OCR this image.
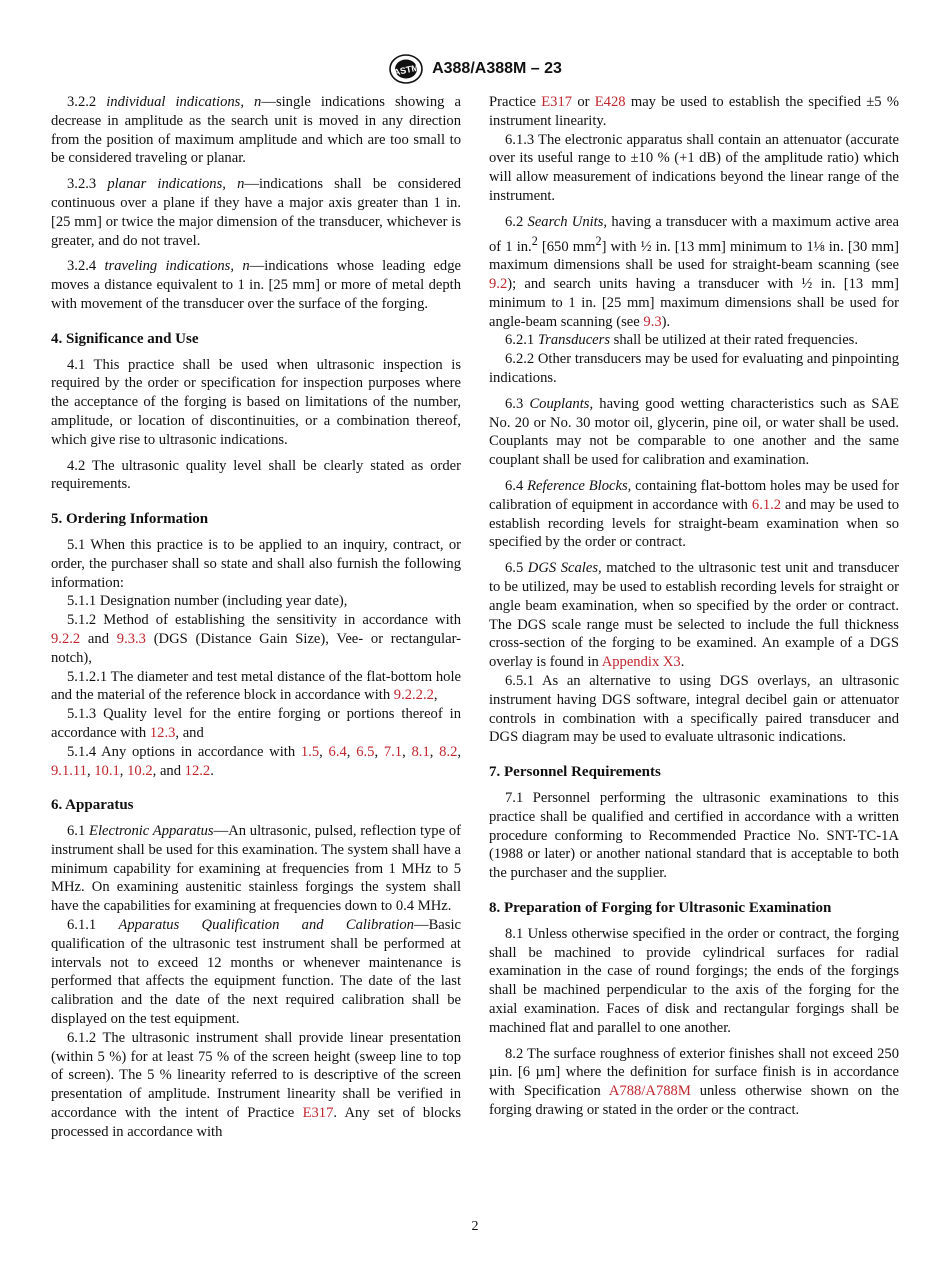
ASTM A388/A388M – 23

3.2.2 individual indications, n—single indications showing a decrease in amplitude as the search unit is moved in any direction from the position of maximum amplitude and which are too small to be considered traveling or planar.

3.2.3 planar indications, n—indications shall be considered continuous over a plane if they have a major axis greater than 1 in. [25 mm] or twice the major dimension of the transducer, whichever is greater, and do not travel.

3.2.4 traveling indications, n—indications whose leading edge moves a distance equivalent to 1 in. [25 mm] or more of metal depth with movement of the transducer over the surface of the forging.

4. Significance and Use

4.1 This practice shall be used when ultrasonic inspection is required by the order or specification for inspection purposes where the acceptance of the forging is based on limitations of the number, amplitude, or location of discontinuities, or a combination thereof, which give rise to ultrasonic indications.

4.2 The ultrasonic quality level shall be clearly stated as order requirements.

5. Ordering Information

5.1 When this practice is to be applied to an inquiry, contract, or order, the purchaser shall so state and shall also furnish the following information:

5.1.1 Designation number (including year date),

5.1.2 Method of establishing the sensitivity in accordance with 9.2.2 and 9.3.3 (DGS (Distance Gain Size), Vee- or rectangular-notch),

5.1.2.1 The diameter and test metal distance of the flat-bottom hole and the material of the reference block in accordance with 9.2.2.2,

5.1.3 Quality level for the entire forging or portions thereof in accordance with 12.3, and

5.1.4 Any options in accordance with 1.5, 6.4, 6.5, 7.1, 8.1, 8.2, 9.1.11, 10.1, 10.2, and 12.2.

6. Apparatus

6.1 Electronic Apparatus—An ultrasonic, pulsed, reflection type of instrument shall be used for this examination. The system shall have a minimum capability for examining at frequencies from 1 MHz to 5 MHz. On examining austenitic stainless forgings the system shall have the capabilities for examining at frequencies down to 0.4 MHz.

6.1.1 Apparatus Qualification and Calibration—Basic qualification of the ultrasonic test instrument shall be performed at intervals not to exceed 12 months or whenever maintenance is performed that affects the equipment function. The date of the last calibration and the date of the next required calibration shall be displayed on the test equipment.

6.1.2 The ultrasonic instrument shall provide linear presentation (within 5 %) for at least 75 % of the screen height (sweep line to top of screen). The 5 % linearity referred to is descriptive of the screen presentation of amplitude. Instrument linearity shall be verified in accordance with the intent of Practice E317. Any set of blocks processed in accordance with

Practice E317 or E428 may be used to establish the specified ±5 % instrument linearity.

6.1.3 The electronic apparatus shall contain an attenuator (accurate over its useful range to ±10 % (+1 dB) of the amplitude ratio) which will allow measurement of indications beyond the linear range of the instrument.

6.2 Search Units, having a transducer with a maximum active area of 1 in.$^2$ [650 $mm^2$] with ½ in. [13 mm] minimum to 1⅛ in. [30 mm] maximum dimensions shall be used for straight-beam scanning (see 9.2); and search units having a transducer with ½ in. [13 mm] minimum to 1 in. [25 mm] maximum dimensions shall be used for angle-beam scanning (see 9.3).

6.2.1 Transducers shall be utilized at their rated frequencies.

6.2.2 Other transducers may be used for evaluating and pinpointing indications.

6.3 Couplants, having good wetting characteristics such as SAE No. 20 or No. 30 motor oil, glycerin, pine oil, or water shall be used. Couplants may not be comparable to one another and the same couplant shall be used for calibration and examination.

6.4 Reference Blocks, containing flat-bottom holes may be used for calibration of equipment in accordance with 6.1.2 and may be used to establish recording levels for straight-beam examination when so specified by the order or contract.

6.5 DGS Scales, matched to the ultrasonic test unit and transducer to be utilized, may be used to establish recording levels for straight or angle beam examination, when so specified by the order or contract. The DGS scale range must be selected to include the full thickness cross-section of the forging to be examined. An example of a DGS overlay is found in Appendix X3.

6.5.1 As an alternative to using DGS overlays, an ultrasonic instrument having DGS software, integral decibel gain or attenuator controls in combination with a specifically paired transducer and DGS diagram may be used to evaluate ultrasonic indications.

7. Personnel Requirements

7.1 Personnel performing the ultrasonic examinations to this practice shall be qualified and certified in accordance with a written procedure conforming to Recommended Practice No. SNT-TC-1A (1988 or later) or another national standard that is acceptable to both the purchaser and the supplier.

8. Preparation of Forging for Ultrasonic Examination

8.1 Unless otherwise specified in the order or contract, the forging shall be machined to provide cylindrical surfaces for radial examination in the case of round forgings; the ends of the forgings shall be machined perpendicular to the axis of the forging for the axial examination. Faces of disk and rectangular forgings shall be machined flat and parallel to one another.

8.2 The surface roughness of exterior finishes shall not exceed 250 µin. [6 µm] where the definition for surface finish is in accordance with Specification A788/A788M unless otherwise shown on the forging drawing or stated in the order or the contract.

2
